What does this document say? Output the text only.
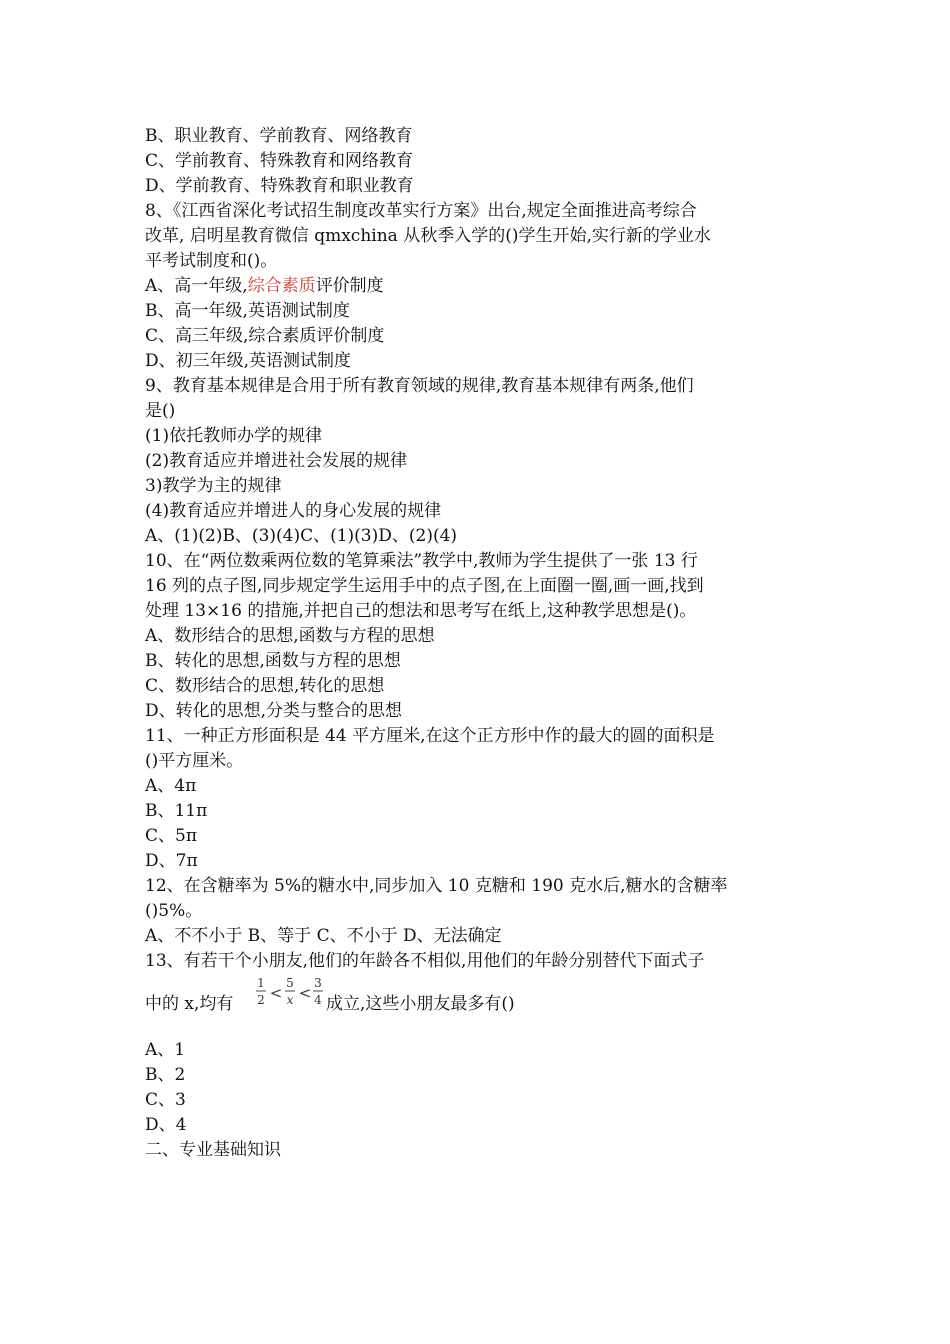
B、职业教育、学前教育、网络教育
C、学前教育、特殊教育和网络教育
D、学前教育、特殊教育和职业教育
8、《江西省深化考试招生制度改革实行方案》出台,规定全面推进高考综合
改革, 启明星教育微信 qmxchina 从秋季入学的()学生开始,实行新的学业水
平考试制度和()。
A、高一年级,综合素质评价制度
B、高一年级,英语测试制度
C、高三年级,综合素质评价制度
D、初三年级,英语测试制度
9、教育基本规律是合用于所有教育领域的规律,教育基本规律有两条,他们
是()
(1)依托教师办学的规律
(2)教育适应并增进社会发展的规律
3)教学为主的规律
(4)教育适应并增进人的身心发展的规律
A、(1)(2)B、(3)(4)C、(1)(3)D、(2)(4)
10、在“两位数乘两位数的笔算乘法”教学中,教师为学生提供了一张 13 行
16 列的点子图,同步规定学生运用手中的点子图,在上面圈一圈,画一画,找到
处理 13×16 的措施,并把自己的想法和思考写在纸上,这种教学思想是()。
A、数形结合的思想,函数与方程的思想
B、转化的思想,函数与方程的思想
C、数形结合的思想,转化的思想
D、转化的思想,分类与整合的思想
11、一种正方形面积是 44 平方厘米,在这个正方形中作的最大的圆的面积是
()平方厘米。
A、4π
B、11π
C、5π
D、7π
12、在含糖率为 5%的糖水中,同步加入 10 克糖和 190 克水后,糖水的含糖率
()5%。
A、不不小于 B、等于 C、不小于 D、无法确定
13、有若干个小朋友,他们的年龄各不相似,用他们的年龄分别替代下面式子
中的 x,均有
1
2 <
5
x <
3
4 成立,这些小朋友最多有()
A、1
B、2
C、3
D、4
二、专业基础知识
